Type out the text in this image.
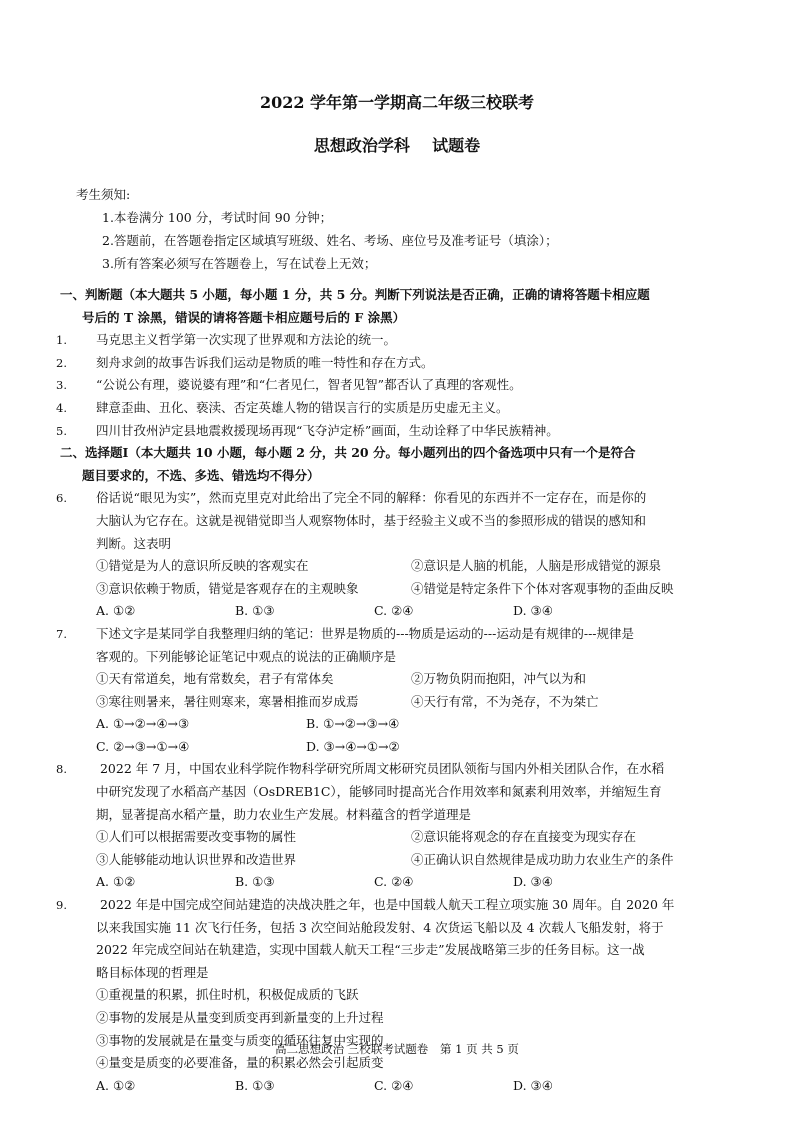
2022 学年第一学期高二年级三校联考
思想政治学科    试题卷
考生须知:
1.本卷满分 100 分，考试时间 90 分钟；
2.答题前，在答题卷指定区域填写班级、姓名、考场、座位号及准考证号（填涂）；
3.所有答案必须写在答题卷上，写在试卷上无效；
一、判断题（本大题共 5 小题，每小题 1 分，共 5 分。判断下列说法是否正确，正确的请将答题卡相应题
号后的 T 涂黑，错误的请将答题卡相应题号后的 F 涂黑）
1. 马克思主义哲学第一次实现了世界观和方法论的统一。
2. 刻舟求剑的故事告诉我们运动是物质的唯一特性和存在方式。
3. “公说公有理，婆说婆有理”和“仁者见仁，智者见智”都否认了真理的客观性。
4. 肆意歪曲、丑化、亵渎、否定英雄人物的错误言行的实质是历史虚无主义。
5. 四川甘孜州泸定县地震救援现场再现“飞夺泸定桥”画面，生动诠释了中华民族精神。
二、选择题Ⅰ（本大题共 10 小题，每小题 2 分，共 20 分。每小题列出的四个备选项中只有一个是符合
题目要求的，不选、多选、错选均不得分）
6. 俗话说“眼见为实”，然而克里克对此给出了完全不同的解释：你看见的东西并不一定存在，而是你的
大脑认为它存在。这就是视错觉即当人观察物体时，基于经验主义或不当的参照形成的错误的感知和
判断。这表明
①错觉是为人的意识所反映的客观实在	②意识是人脑的机能，人脑是形成错觉的源泉
③意识依赖于物质，错觉是客观存在的主观映象	④错觉是特定条件下个体对客观事物的歪曲反映
A. ①②	B. ①③	C. ②④	D. ③④
7. 下述文字是某同学自我整理归纳的笔记：世界是物质的---物质是运动的---运动是有规律的---规律是
客观的。下列能够论证笔记中观点的说法的正确顺序是
①天有常道矣，地有常数矣，君子有常体矣	②万物负阴而抱阳，冲气以为和
③寒往则暑来，暑往则寒来，寒暑相推而岁成焉	④天行有常，不为尧存，不为桀亡
A. ①→②→④→③	B. ①→②→③→④
C. ②→③→①→④	D. ③→④→①→②
8. 2022 年 7 月，中国农业科学院作物科学研究所周文彬研究员团队领衔与国内外相关团队合作，在水稻
中研究发现了水稻高产基因（OsDREB1C），能够同时提高光合作用效率和氮素利用效率，并缩短生育
期，显著提高水稻产量，助力农业生产发展。材料蕴含的哲学道理是
①人们可以根据需要改变事物的属性	②意识能将观念的存在直接变为现实存在
③人能够能动地认识世界和改造世界	④正确认识自然规律是成功助力农业生产的条件
A. ①②	B. ①③	C. ②④	D. ③④
9. 2022 年是中国完成空间站建造的决战决胜之年，也是中国载人航天工程立项实施 30 周年。自 2020 年
以来我国实施 11 次飞行任务，包括 3 次空间站舱段发射、4 次货运飞船以及 4 次载人飞船发射，将于
2022 年完成空间站在轨建造，实现中国载人航天工程“三步走”发展战略第三步的任务目标。这一战
略目标体现的哲理是
①重视量的积累，抓住时机，积极促成质的飞跃
②事物的发展是从量变到质变再到新量变的上升过程
③事物的发展就是在量变与质变的循环往复中实现的
④量变是质变的必要准备，量的积累必然会引起质变
A. ①②	B. ①③	C. ②④	D. ③④
高二思想政治 三校联考试题卷 第 1 页 共 5 页
